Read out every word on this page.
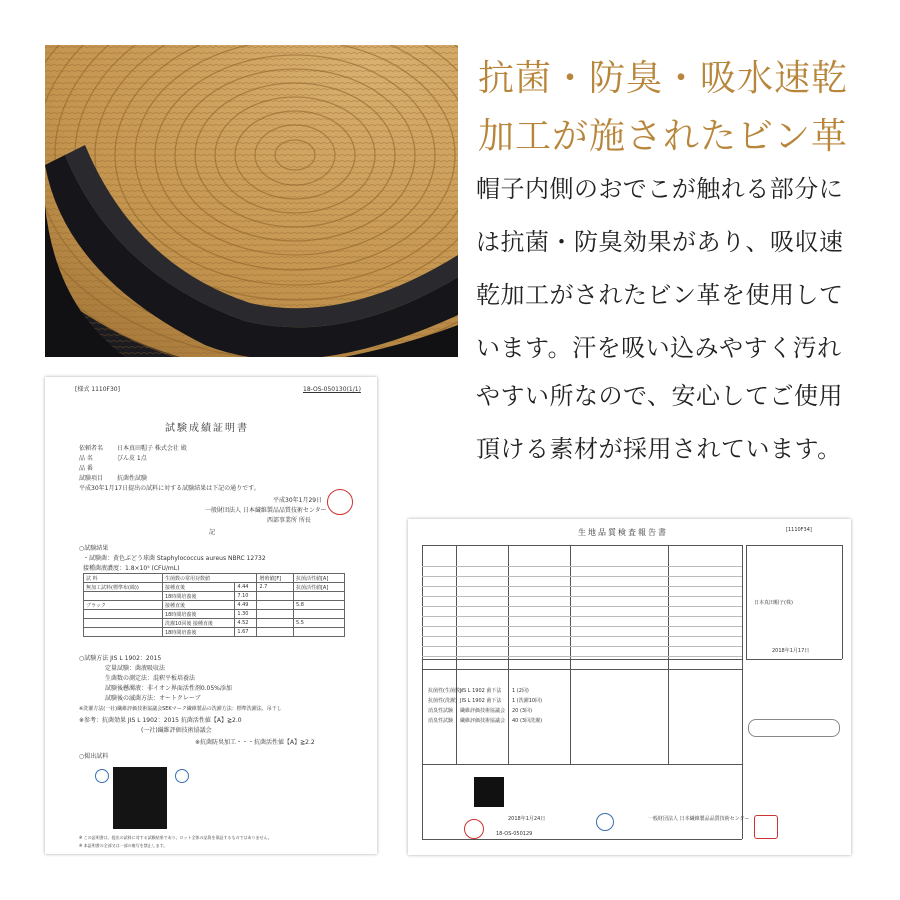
抗菌・防臭・吸水速乾
加工が施されたビン革
帽子内側のおでこが触れる部分に
は抗菌・防臭効果があり、吸収速
乾加工がされたビン革を使用して
います。汗を吸い込みやすく汚れ
やすい所なので、安心してご使用
頂ける素材が採用されています。
[様式 1110F30]	18-OS-050130(1/1)
試験成績証明書
依頼者名 日本真田帽子 株式会社 殿
品 名	びん皮 1点
品 番
試験項目 抗菌性試験
平成30年1月17日提出の試料に対する試験結果は下記の通りです。
平成30年1月29日
一般財団法人 日本繊維製品品質技術センター
西部事業所 所長
記
○試験結果
・試験菌：黄色ぶどう球菌 Staphylococcus aureus NBRC 12732
接種菌液濃度：1.8×10⁵ (CFU/mL)
試 料	生菌数の常用対数値		増殖値[F]	抗菌活性値[A]
無加工試料(標準布(綿))	接種直後	4.44	2.7	抗菌活性値[A]
	18時間培養後	7.10		
ブラック	接種直後	4.49		5.8
	18時間培養後	1.30		
	洗濯10回後 接種直後	4.52		5.5
	18時間培養後	1.67		
○試験方法 JIS L 1902：2015
定量試験：菌液吸収法
生菌数の測定法：混釈平板培養法
試験後懸濁液：非イオン界面活性剤0.05%添加
試験後の滅菌方法：オートクレーブ
※洗濯方法(一社)繊維評価技術協議会SEKマーク繊維製品の洗濯方法：標準洗濯法、吊干し
※参考：抗菌効果 JIS L 1902：2015 抗菌活性値【A】≧2.0
(一社)繊維評価技術協議会
※抗菌防臭加工・・・抗菌活性値【A】≧2.2
○掲出試料
※ この証明書は、提出の試料に対する試験結果であり、ロット全体の品質を保証するものではありません。
※ 本証明書の全部又は一部の複写を禁止します。
生地品質検査報告書	[1110F34]
抗菌性(生菌数)
JIS L 1902 菌下法 1 (2回)
抗菌性(洗濯) JIS L 1902 菌下法 1 (洗濯10回)
消臭性試験 繊維評価技術協議会 20 (3回)
消臭性試験 繊維評価技術協議会 40 (3回洗濯)
日本真田帽子(株)
2018年1月17日
2018年1月24日
18-OS-050129
一般財団法人 日本繊維製品品質技術センター
